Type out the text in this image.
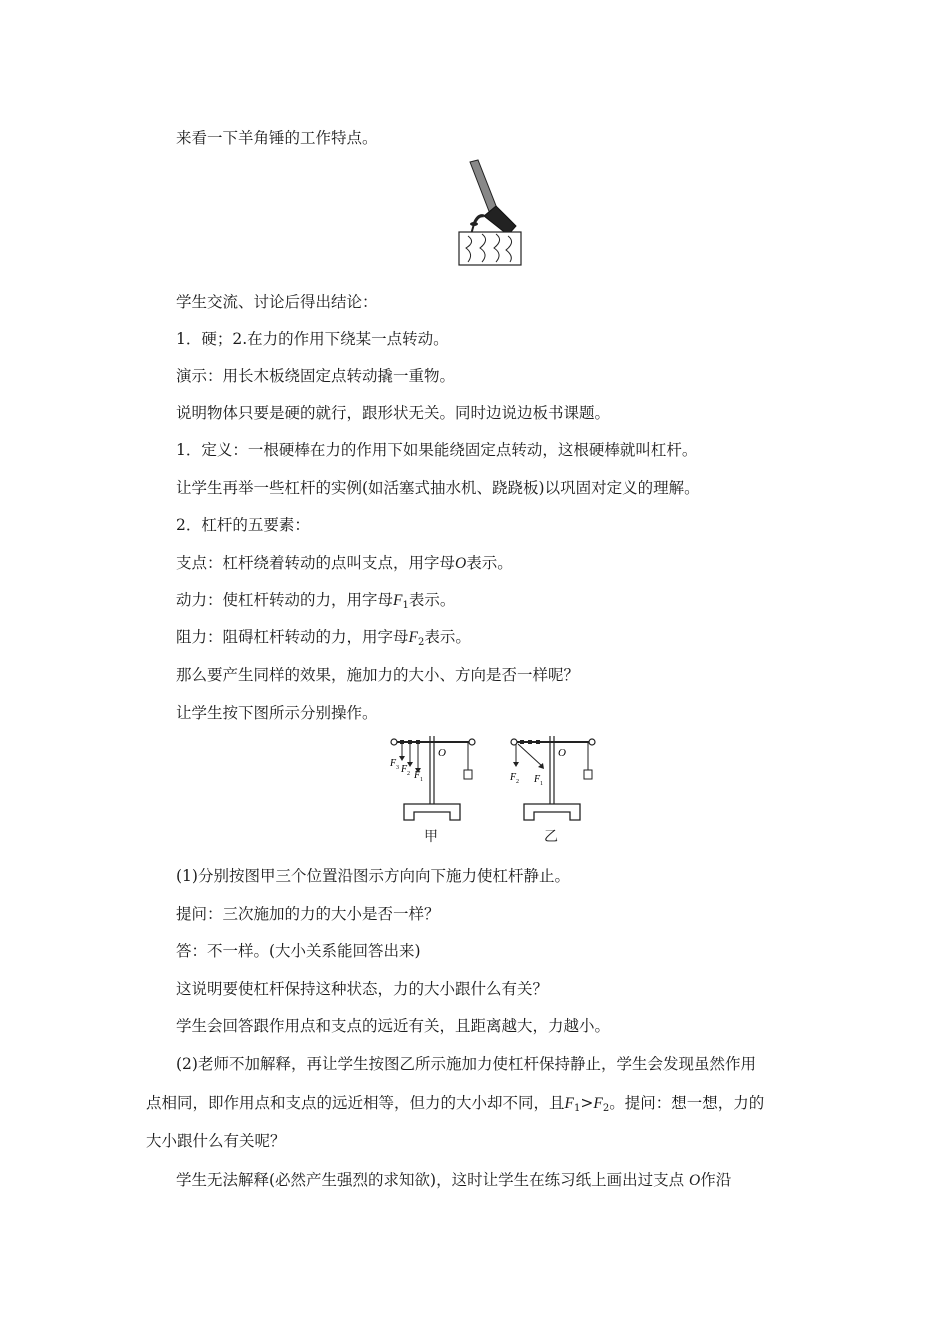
来看一下羊角锤的工作特点。
学生交流、讨论后得出结论：
1．硬；2.在力的作用下绕某一点转动。
演示：用长木板绕固定点转动撬一重物。
说明物体只要是硬的就行，跟形状无关。同时边说边板书课题。
1．定义：一根硬棒在力的作用下如果能绕固定点转动，这根硬棒就叫杠杆。
让学生再举一些杠杆的实例(如活塞式抽水机、跷跷板)以巩固对定义的理解。
2．杠杆的五要素：
支点：杠杆绕着转动的点叫支点，用字母O表示。
动力：使杠杆转动的力，用字母$F_1$表示。
阻力：阻碍杠杆转动的力，用字母$F_2$表示。
那么要产生同样的效果，施加力的大小、方向是否一样呢？
让学生按下图所示分别操作。
F 3 F 2 F 1
O
甲
F 2 F 1
O
乙
(1)分别按图甲三个位置沿图示方向向下施力使杠杆静止。
提问：三次施加的力的大小是否一样？
答：不一样。(大小关系能回答出来)
这说明要使杠杆保持这种状态，力的大小跟什么有关？
学生会回答跟作用点和支点的远近有关，且距离越大，力越小。
(2)老师不加解释，再让学生按图乙所示施加力使杠杆保持静止，学生会发现虽然作用
点相同，即作用点和支点的远近相等，但力的大小却不同，且$F_1>F_2$。提问：想一想，力的
大小跟什么有关呢？
学生无法解释(必然产生强烈的求知欲)，这时让学生在练习纸上画出过支点 O作沿
